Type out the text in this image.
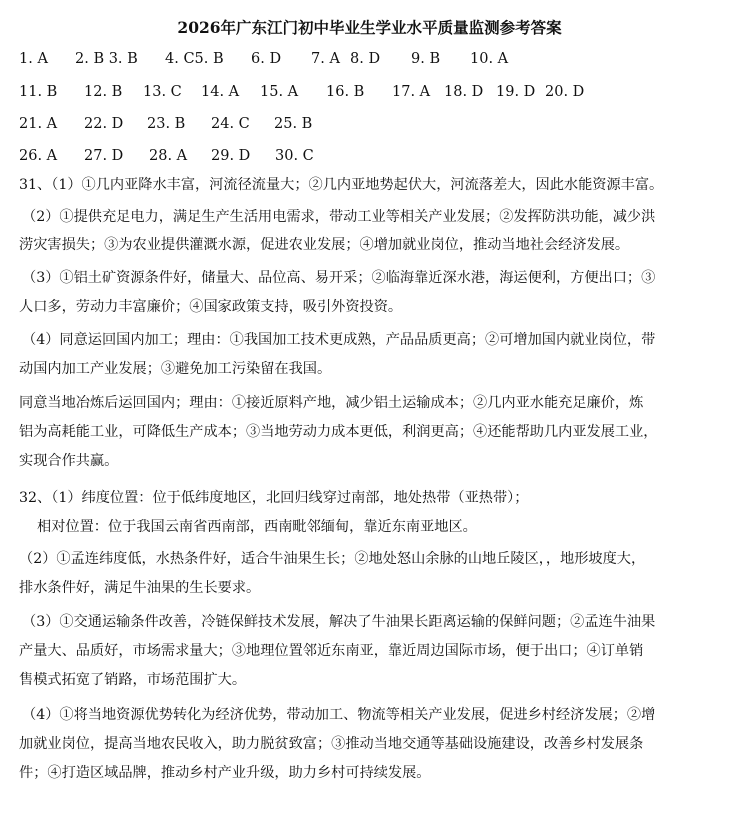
2026年广东江门初中毕业生学业水平质量监测参考答案
1. A 2. B 3. B 4. C5. B 6. D 7. A 8. D 9. B 10. A
11. B 12. B 13. C 14. A 15. A 16. B 17. A 18. D 19. D 20. D
21. A 22. D 23. B 24. C 25. B
26. A 27. D 28. A 29. D 30. C
31、（1）①几内亚降水丰富，河流径流量大；②几内亚地势起伏大，河流落差大，因此水能资源丰富。
（2）①提供充足电力，满足生产生活用电需求，带动工业等相关产业发展；②发挥防洪功能，减少洪
涝灾害损失；③为农业提供灌溉水源，促进农业发展；④增加就业岗位，推动当地社会经济发展。
（3）①铝土矿资源条件好，储量大、品位高、易开采；②临海靠近深水港，海运便利，方便出口；③
人口多，劳动力丰富廉价；④国家政策支持，吸引外资投资。
（4）同意运回国内加工；理由：①我国加工技术更成熟，产品品质更高；②可增加国内就业岗位，带
动国内加工产业发展；③避免加工污染留在我国。
同意当地冶炼后运回国内；理由：①接近原料产地，减少铝土运输成本；②几内亚水能充足廉价，炼
铝为高耗能工业，可降低生产成本；③当地劳动力成本更低，利润更高；④还能帮助几内亚发展工业，
实现合作共赢。
32、（1）纬度位置：位于低纬度地区，北回归线穿过南部，地处热带（亚热带）；
相对位置：位于我国云南省西南部，西南毗邻缅甸，靠近东南亚地区。
（2）①孟连纬度低，水热条件好，适合牛油果生长；②地处怒山余脉的山地丘陵区，，地形坡度大，
排水条件好，满足牛油果的生长要求。
（3）①交通运输条件改善，冷链保鲜技术发展，解决了牛油果长距离运输的保鲜问题；②孟连牛油果
产量大、品质好，市场需求量大；③地理位置邻近东南亚，靠近周边国际市场，便于出口；④订单销
售模式拓宽了销路，市场范围扩大。
（4）①将当地资源优势转化为经济优势，带动加工、物流等相关产业发展，促进乡村经济发展；②增
加就业岗位，提高当地农民收入，助力脱贫致富；③推动当地交通等基础设施建设，改善乡村发展条
件；④打造区域品牌，推动乡村产业升级，助力乡村可持续发展。
